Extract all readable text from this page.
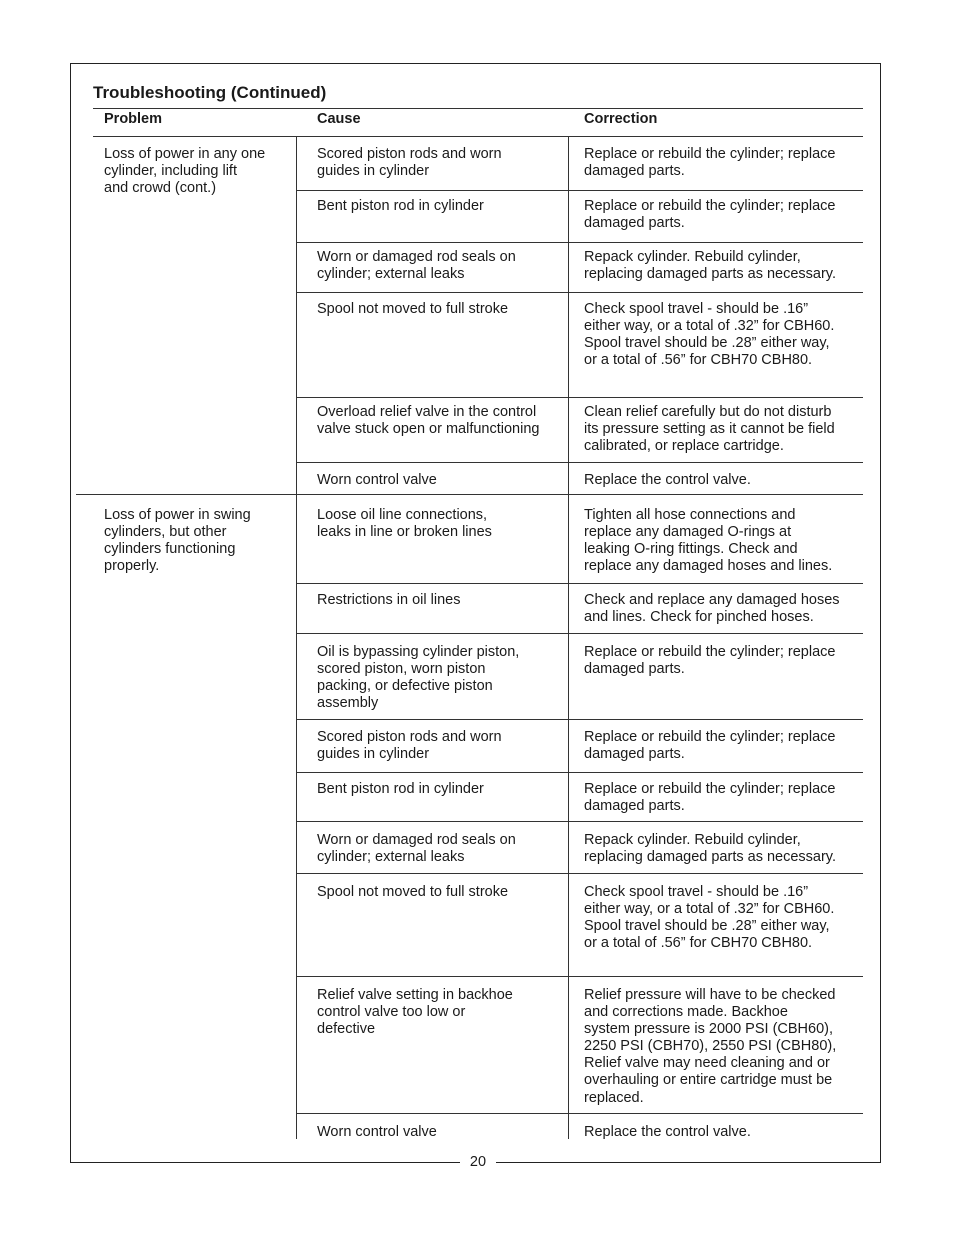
Troubleshooting (Continued)
Problem	Cause	Correction
Loss of power in any one
cylinder, including lift
and crowd (cont.)
Loss of power in swing
cylinders, but other
cylinders functioning
properly.
Scored piston rods and worn
guides in cylinder
Bent piston rod in cylinder
Worn or damaged rod seals on
cylinder; external leaks
Spool not moved to full stroke
Overload relief valve in the control
valve stuck open or malfunctioning
Worn control valve
Loose oil line connections,
leaks in line or broken lines
Restrictions in oil lines
Oil is bypassing cylinder piston,
scored piston, worn piston
packing, or defective piston
assembly
Scored piston rods and worn
guides in cylinder
Bent piston rod in cylinder
Worn or damaged rod seals on
cylinder; external leaks
Spool not moved to full stroke
Relief valve setting in backhoe
control valve too low or
defective
Worn control valve
Replace or rebuild the cylinder; replace
damaged parts.
Replace or rebuild the cylinder; replace
damaged parts.
Repack cylinder. Rebuild cylinder,
replacing damaged parts as necessary.
Check spool travel - should be .16”
either way, or a total of .32” for CBH60.
Spool travel should be .28” either way,
or a total of .56” for CBH70 CBH80.
Clean relief carefully but do not disturb
its pressure setting as it cannot be field
calibrated, or replace cartridge.
Replace the control valve.
Tighten all hose connections and
replace any damaged O-rings at
leaking O-ring fittings. Check and
replace any damaged hoses and lines.
Check and replace any damaged hoses
and lines. Check for pinched hoses.
Replace or rebuild the cylinder; replace
damaged parts.
Replace or rebuild the cylinder; replace
damaged parts.
Replace or rebuild the cylinder; replace
damaged parts.
Repack cylinder. Rebuild cylinder,
replacing damaged parts as necessary.
Check spool travel - should be .16”
either way, or a total of .32” for CBH60.
Spool travel should be .28” either way,
or a total of .56” for CBH70 CBH80.
Relief pressure will have to be checked
and corrections made. Backhoe
system pressure is 2000 PSI (CBH60),
2250 PSI (CBH70), 2550 PSI (CBH80),
Relief valve may need cleaning and or
overhauling or entire cartridge must be
replaced.
Replace the control valve.
20
